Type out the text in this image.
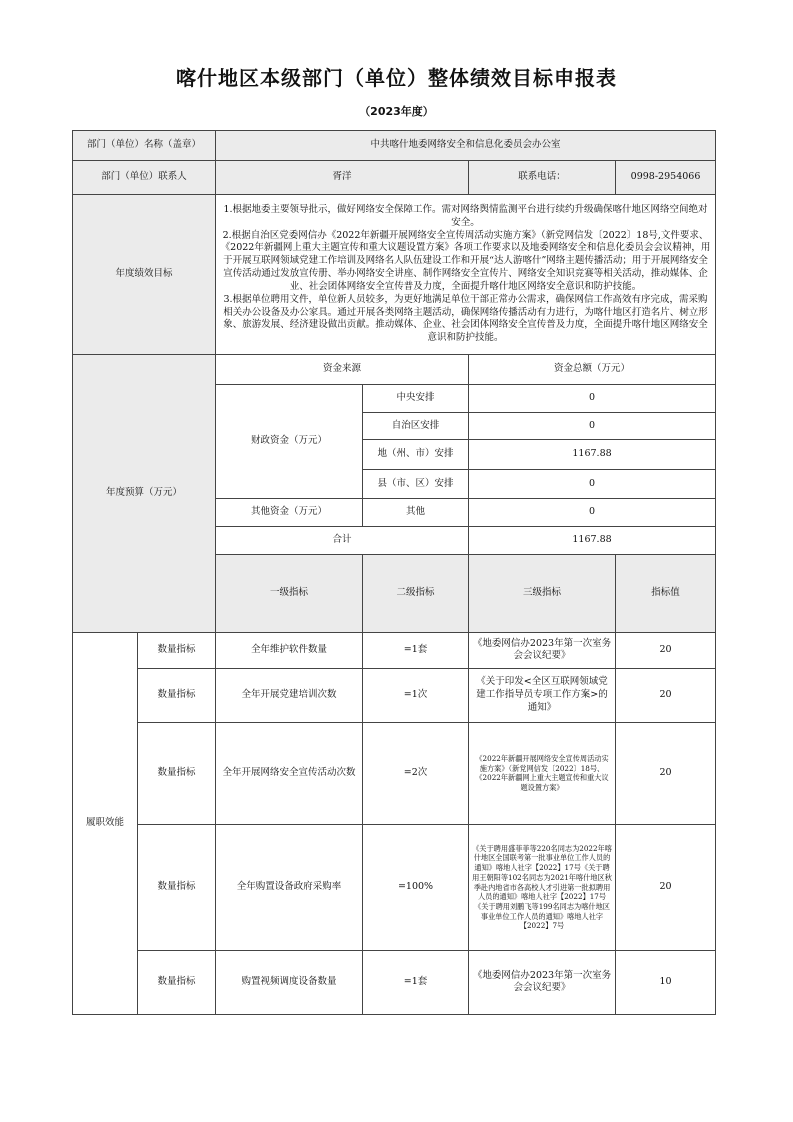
喀什地区本级部门（单位）整体绩效目标申报表
（2023年度）
部门（单位）名称（盖章）		中共喀什地委网络安全和信息化委员会办公室				
部门（单位）联系人		胥洋		联系电话：	0998-2954066	
年度绩效目标		1.根据地委主要领导批示，做好网络安全保障工作。需对网络舆情监测平台进行续约升级确保喀什地区网络空间绝对安全。
2.根据自治区党委网信办《2022年新疆开展网络安全宣传周活动实施方案》（新党网信发〔2022〕18号,文件要求、《2022年新疆网上重大主题宣传和重大议题设置方案》各项工作要求以及地委网络安全和信息化委员会会议精神，用于开展互联网领域党建工作培训及网络名人队伍建设工作和开展“达人游喀什”网络主题传播活动；用于开展网络安全宣传活动通过发放宣传册、举办网络安全讲座、制作网络安全宣传片、网络安全知识竞赛等相关活动，推动媒体、企业、社会团体网络安全宣传普及力度，全面提升喀什地区网络安全意识和防护技能。
3.根据单位聘用文件，单位新人员较多，为更好地满足单位干部正常办公需求，确保网信工作高效有序完成，需采购相关办公设备及办公家具。通过开展各类网络主题活动，确保网络传播活动有力进行，为喀什地区打造名片、树立形象、旅游发展、经济建设做出贡献。推动媒体、企业、社会团体网络安全宣传普及力度，全面提升喀什地区网络安全意识和防护技能。				

年度预算（万元）		资金来源		资金总额（万元）		
		财政资金（万元）	中央安排	0		
			自治区安排	0		
			地（州、市）安排	1167.88		
			县（市、区）安排	0		
		其他资金（万元）	其他	0		
		合计		1167.88		
		一级指标	二级指标	三级指标	指标值		
履职效能	数量指标	全年维护软件数量	=1套	《地委网信办2023年第一次室务会会议纪要》	20	
	数量指标	全年开展党建培训次数	=1次	《关于印发<全区互联网领域党建工作指导员专项工作方案>的通知》	20	
	数量指标	全年开展网络安全宣传活动次数	=2次	《2022年新疆开展网络安全宣传周活动实施方案》（新党网信发〔2022〕18号、《2022年新疆网上重大主题宣传和重大议题设置方案》	20	
	数量指标	全年购置设备政府采购率	=100%	《关于聘用盛菲菲等220名同志为2022年喀什地区全国联考第一批事业单位工作人员的通知》喀地人社字【2022】17号《关于聘用王朝阳等102名同志为2021年喀什地区秋季赴内地省市各高校人才引进第一批拟聘用人员的通知》喀地人社字【2022】17号《关于聘用刘鹏飞等199名同志为喀什地区事业单位工作人员的通知》喀地人社字【2022】7号	20	
	数量指标	购置视频调度设备数量	=1套	《地委网信办2023年第一次室务会会议纪要》	10	
